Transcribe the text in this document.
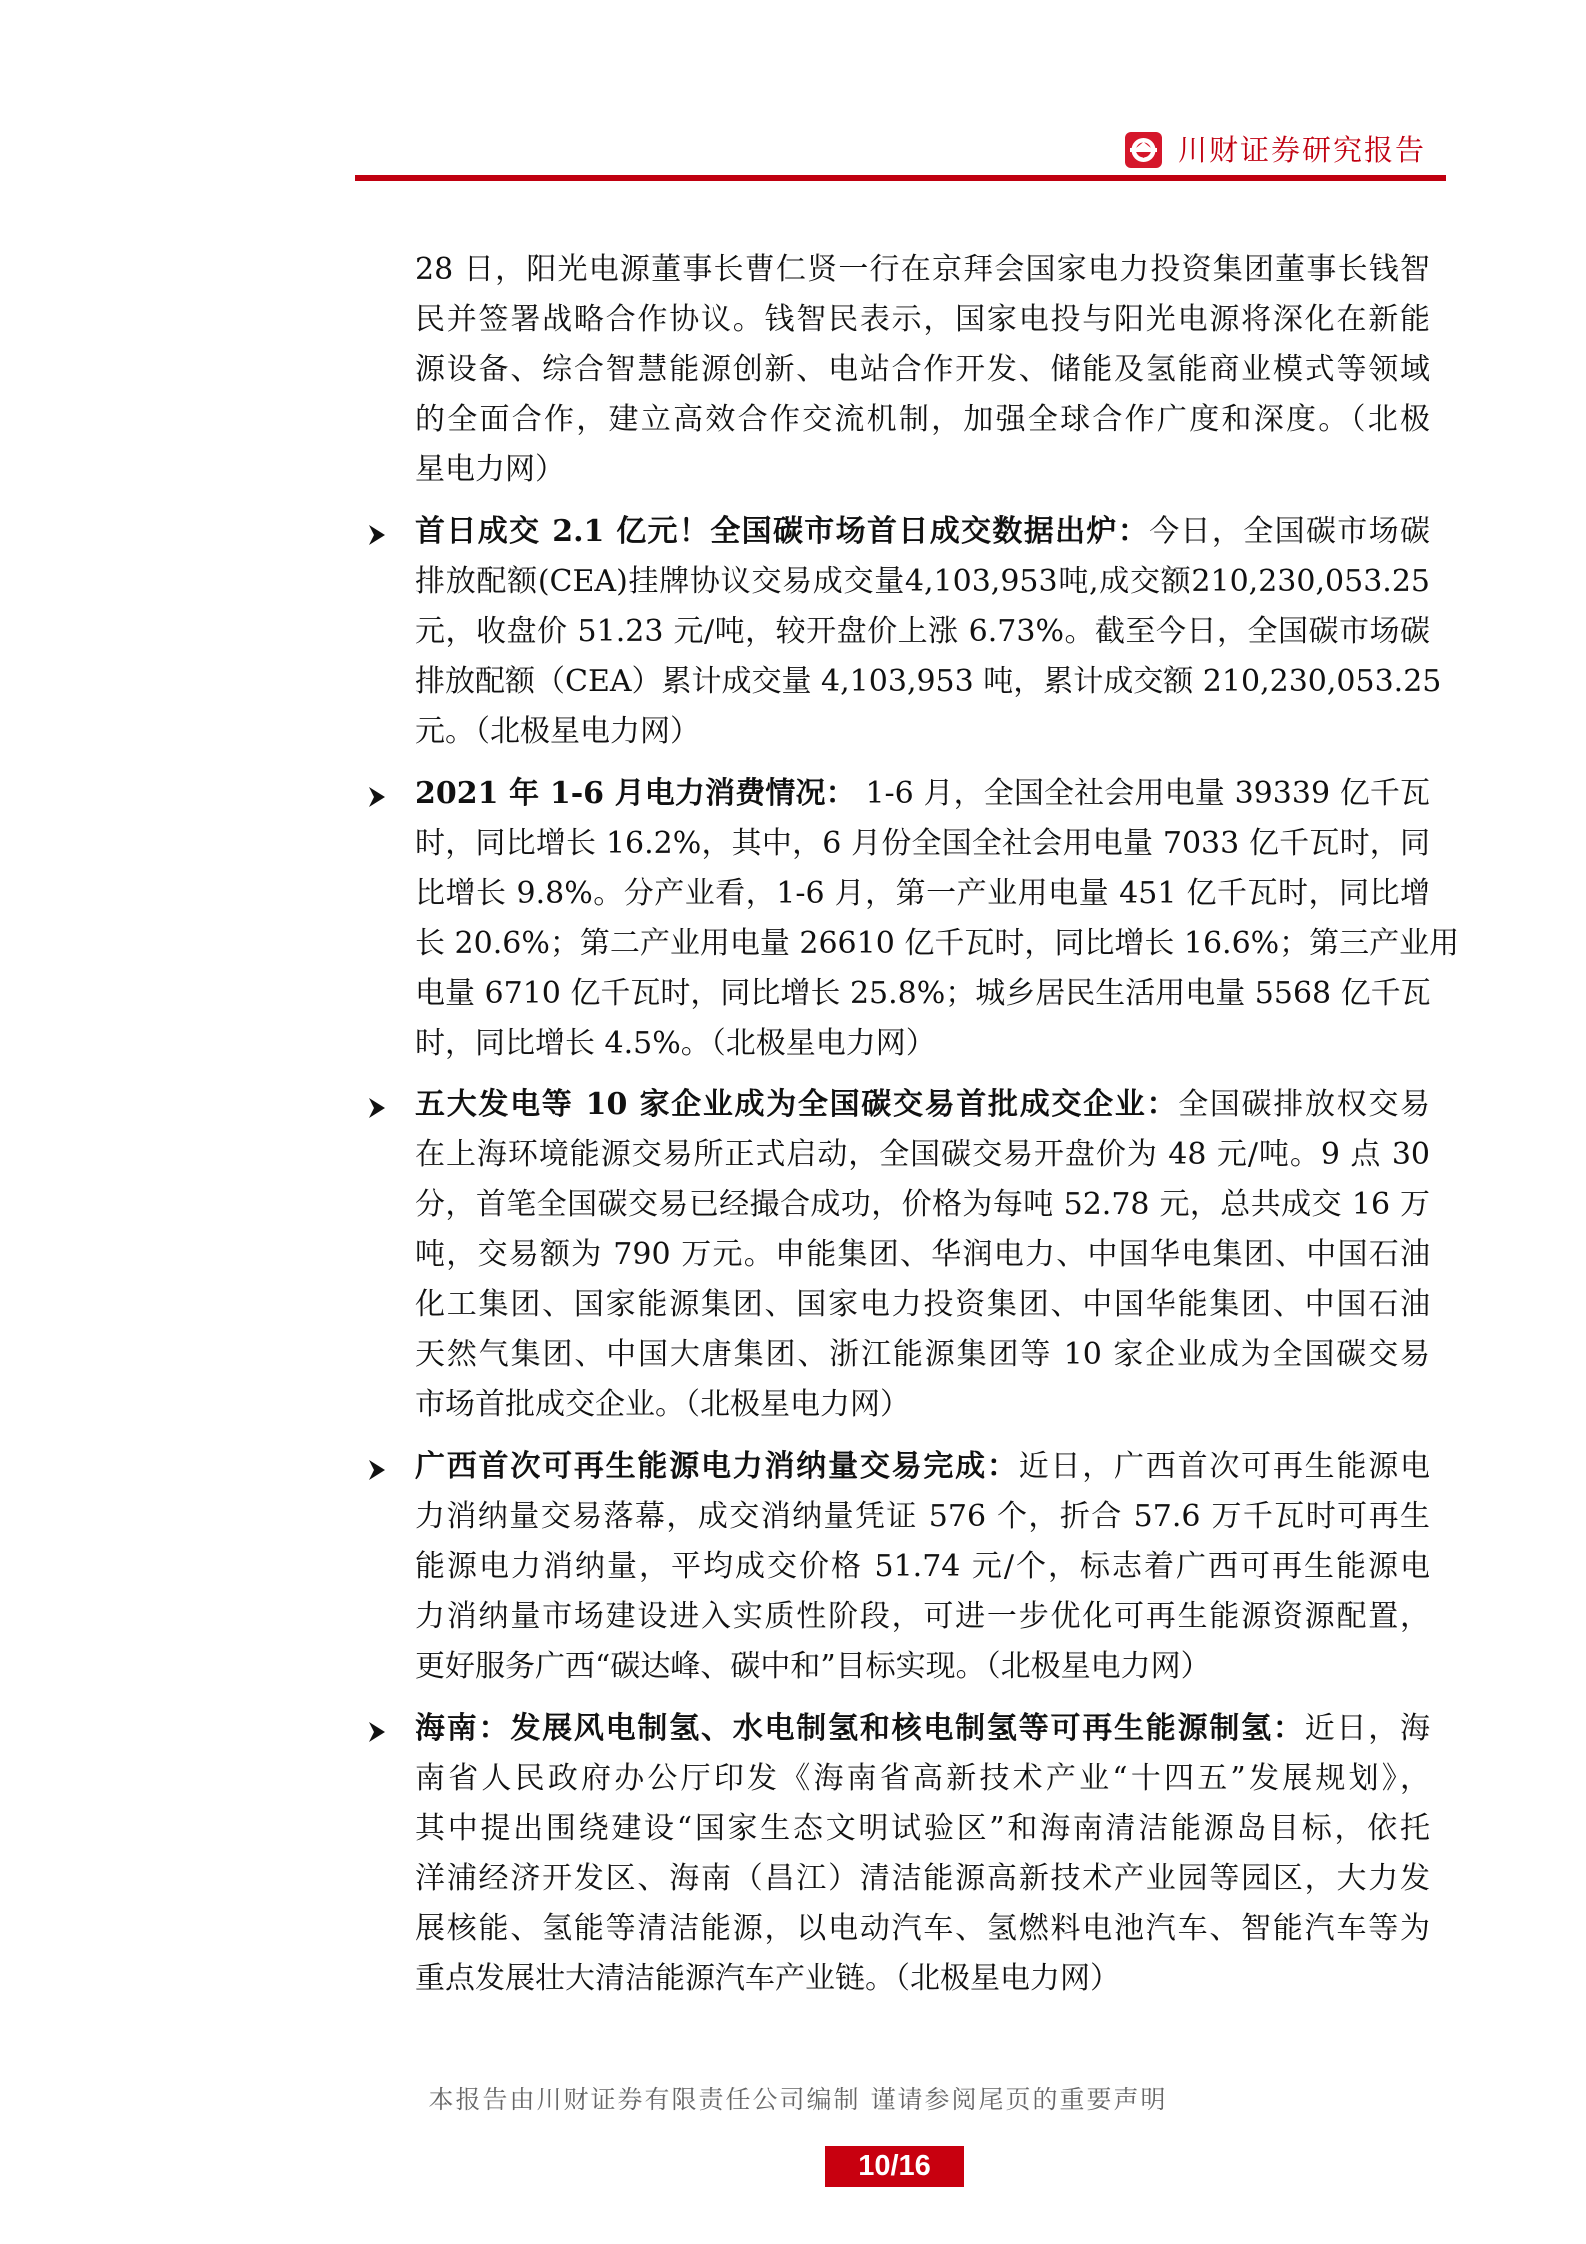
川财证券研究报告
28 日，阳光电源董事长曹仁贤一行在京拜会国家电力投资集团董事长钱智
民并签署战略合作协议。钱智民表示，国家电投与阳光电源将深化在新能
源设备、综合智慧能源创新、电站合作开发、储能及氢能商业模式等领域
的全面合作，建立高效合作交流机制，加强全球合作广度和深度。（北极
星电力网）
首日成交 2.1 亿元！全国碳市场首日成交数据出炉：今日，全国碳市场碳
排放配额(CEA)挂牌协议交易成交量4,103,953吨,成交额210,230,053.25
元，收盘价 51.23 元/吨，较开盘价上涨 6.73%。截至今日，全国碳市场碳
排放配额（CEA）累计成交量 4,103,953 吨，累计成交额 210,230,053.25
元。（北极星电力网）
2021 年 1-6 月电力消费情况： 1-6 月，全国全社会用电量 39339 亿千瓦
时，同比增长 16.2%，其中，6 月份全国全社会用电量 7033 亿千瓦时，同
比增长 9.8%。分产业看，1-6 月，第一产业用电量 451 亿千瓦时，同比增
长 20.6%；第二产业用电量 26610 亿千瓦时，同比增长 16.6%；第三产业用
电量 6710 亿千瓦时，同比增长 25.8%；城乡居民生活用电量 5568 亿千瓦
时，同比增长 4.5%。（北极星电力网）
五大发电等 10 家企业成为全国碳交易首批成交企业：全国碳排放权交易
在上海环境能源交易所正式启动，全国碳交易开盘价为 48 元/吨。9 点 30
分，首笔全国碳交易已经撮合成功，价格为每吨 52.78 元，总共成交 16 万
吨，交易额为 790 万元。申能集团、华润电力、中国华电集团、中国石油
化工集团、国家能源集团、国家电力投资集团、中国华能集团、中国石油
天然气集团、中国大唐集团、浙江能源集团等 10 家企业成为全国碳交易
市场首批成交企业。（北极星电力网）
广西首次可再生能源电力消纳量交易完成：近日，广西首次可再生能源电
力消纳量交易落幕，成交消纳量凭证 576 个，折合 57.6 万千瓦时可再生
能源电力消纳量，平均成交价格 51.74 元/个，标志着广西可再生能源电
力消纳量市场建设进入实质性阶段，可进一步优化可再生能源资源配置，
更好服务广西“碳达峰、碳中和”目标实现。（北极星电力网）
海南：发展风电制氢、水电制氢和核电制氢等可再生能源制氢：近日，海
南省人民政府办公厅印发《海南省高新技术产业“十四五”发展规划》，
其中提出围绕建设“国家生态文明试验区”和海南清洁能源岛目标，依托
洋浦经济开发区、海南（昌江）清洁能源高新技术产业园等园区，大力发
展核能、氢能等清洁能源，以电动汽车、氢燃料电池汽车、智能汽车等为
重点发展壮大清洁能源汽车产业链。（北极星电力网）
本报告由川财证券有限责任公司编制 谨请参阅尾页的重要声明
10/16
